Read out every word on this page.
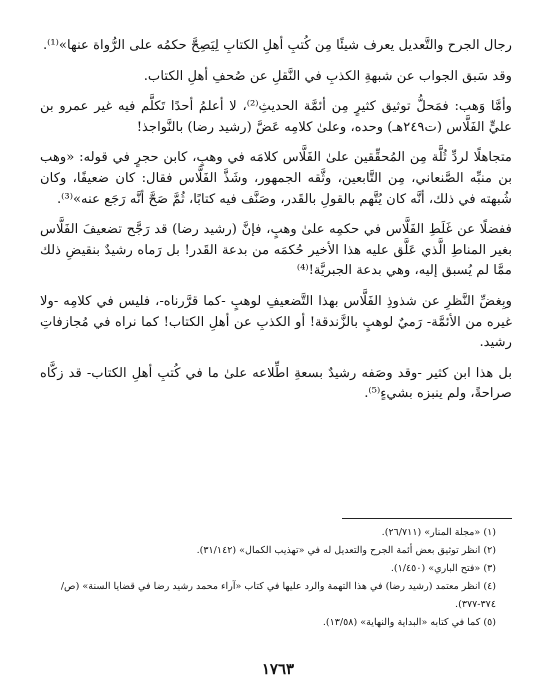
رجال الجرح والتَّعديل يعرف شيئًا مِن كُتبِ أهلِ الكتابِ لِيَصِحَّ حكمُه على الرُّواة عنها»⁽¹⁾.

وقد سَبق الجواب عن شبهةِ الكذبِ في النَّقلِ عن صُحفِ أهلِ الكتاب.

وأمَّا وَهب: فمَحلُّ توثيق كثيرٍ مِن أئمَّة الحديثِ⁽²⁾، لا أعلمُ أحدًا تَكلَّم فيه غير عمرو بن عليٍّ الفَلَّاس (ت٢٤٩هـ) وحده، وعلىٰ كلامِه عَضَّ (رشيد رضا) بالنَّواجذ!

متجاهلًا لردِّ ثُلَّة مِن المُحقِّقين علىٰ الفَلَّاس كلامَه في وهبٍ، كابن حجرٍ في قوله: «وهب بن منبِّه الصَّنعاني، مِن التَّابعين، وثَّقه الجمهور، وشَذَّ الفَلَّاس فقال: كان ضعيفًا، وكان شُبهته في ذلك، أنَّه كان يُتَّهم بالقولِ بالقَدر، وصَنَّف فيه كتابًا، ثُمَّ صَحَّ أنَّه رَجَع عنه»⁽³⁾.

ففضلًا عن غَلَطِ الفَلَّاس في حكمِه علىٰ وهبٍ، فإنَّ (رشيد رضا) قد رَجَّح تضعيفَ الفَلَّاس بغير المناطِ الَّذي عَلَّق عليه هذا الأخير حُكمَه من بدعة القَدر! بل رَماه رشيدٌ بنقيضِ ذلك ممَّا لم يُسبق إليه، وهي بدعة الجبريَّة!⁽⁴⁾

وبِغضِّ النَّظرِ عن شذوذِ الفَلَّاس بهذا التَّضعيفِ لوهبٍ -كما قرَّرناه-، فليس في كلامِه -ولا غيره من الأئمَّة- رَميٌ لوهبٍ بالزَّندقة! أو الكذبِ عن أهلِ الكتاب! كما نراه في مُجازفاتِ رشيد.

بل هذا ابن كثير -وقد وصَفه رشيدٌ بسعةِ اطِّلاعه علىٰ ما في كُتبِ أهلِ الكتاب- قد زكَّاه صراحةً، ولم ينبزه بشيءٍ⁽⁵⁾.

(١) «مجلة المنار» (٢٦/٧١١).

(٢) انظر توثيق بعض أئمة الجرح والتعديل له في «تهذيب الكمال» (٣١/١٤٢).

(٣) «فتح الباري» (١/٤٥٠).

(٤) انظر معتمد (رشيد رضا) في هذا التهمة والرد عليها في كتاب «آراء محمد رشيد رضا في قضايا السنة» (ص/٣٧٤-٣٧٧).

(٥) كما في كتابه «البداية والنهاية» (١٣/٥٨).

١٧٦٣
